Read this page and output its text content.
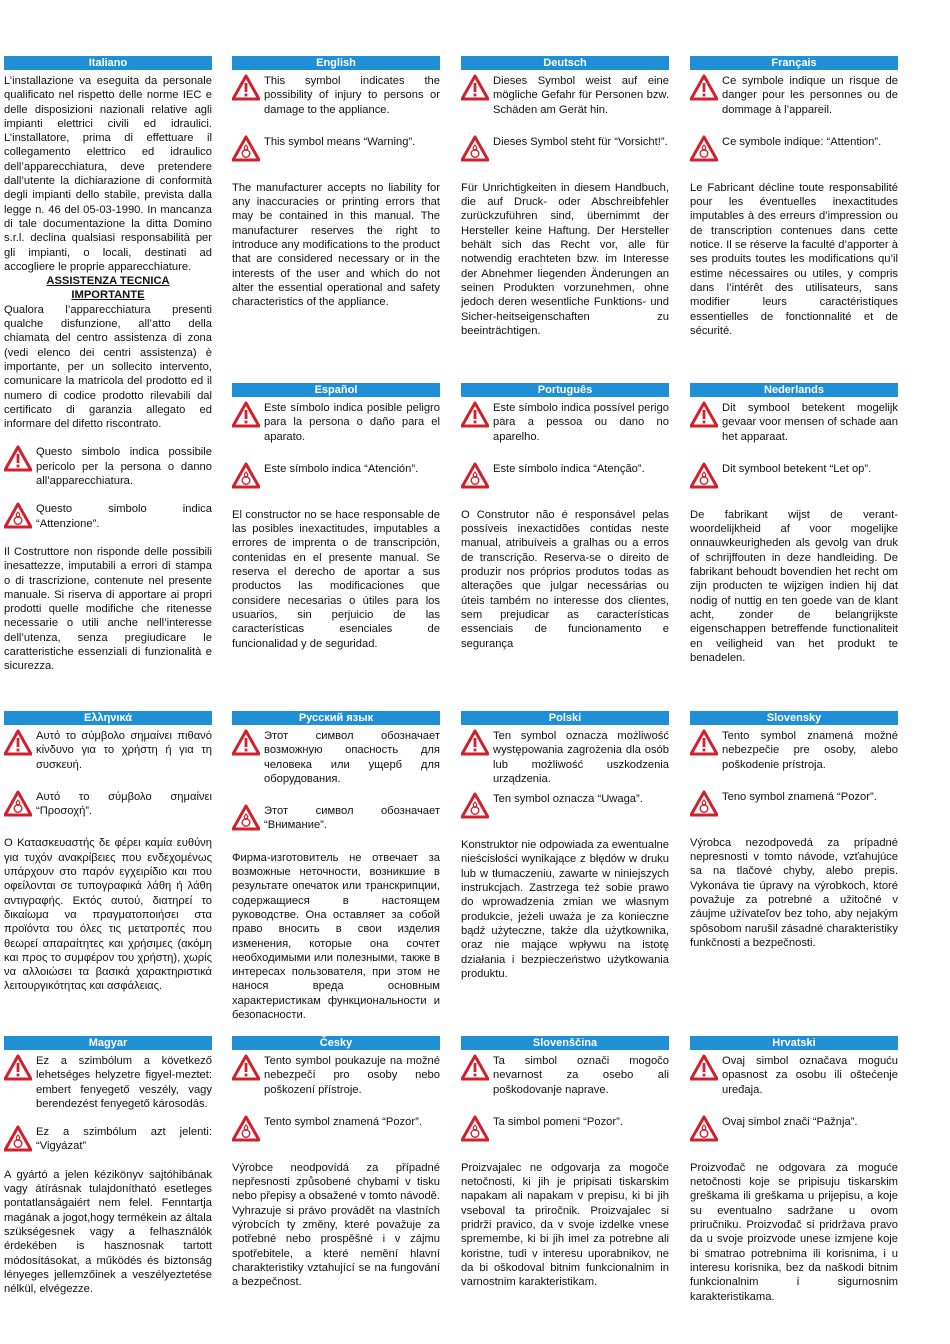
Italiano

L’installazione va eseguita da personale qualificato nel rispetto delle norme IEC e delle disposizioni nazionali relative agli impianti elettrici civili ed idraulici. L’installatore, prima di effettuare il collegamento elettrico ed idraulico dell’apparecchiatura, deve pretendere dall’utente la dichiarazione di conformità degli impianti dello stabile, prevista dalla legge n. 46 del 05-03-1990. In mancanza di tale documentazione la ditta Domino s.r.l. declina qualsiasi responsabilità per gli impianti, o locali, destinati ad accogliere le proprie apparecchiature.

ASSISTENZA TECNICA

IMPORTANTE

Qualora l’apparecchiatura presenti qualche disfunzione, all’atto della chiamata del centro assistenza di zona (vedi elenco dei centri assistenza) è importante, per un sollecito intervento, comunicare la matricola del prodotto ed il numero di codice prodotto rilevabili dal certificato di garanzia allegato ed informare del difetto riscontrato.

Questo simbolo indica possibile pericolo per la persona o danno all’apparecchiatura.
Questo simbolo indica “Attenzione”.
Il Costruttore non risponde delle possibili inesattezze, imputabili a errori di stampa o di trascrizione, contenute nel presente manuale. Si riserva di apportare ai propri prodotti quelle modifiche che ritenesse necessarie o utili anche nell’interesse dell’utenza, senza pregiudicare le caratteristiche essenziali di funzionalità e sicurezza.
English
This symbol indicates the possibility of injury to persons or damage to the appliance.
This symbol means “Warning”.
The manufacturer accepts no liability for any inaccuracies or printing errors that may be contained in this manual. The manufacturer reserves the right to introduce any modifications to the product that are considered necessary or in the interests of the user and which do not alter the essential operational and safety characteristics of the appliance.
Deutsch
Dieses Symbol weist auf eine mögliche Gefahr für Personen bzw. Schäden am Gerät hin.
Dieses Symbol steht für “Vorsicht!”.
Für Unrichtigkeiten in diesem Handbuch, die auf Druck- oder Abschreibfehler zurückzuführen sind, übernimmt der Hersteller keine Haftung. Der Hersteller behält sich das Recht vor, alle für notwendig erachteten bzw. im Interesse der Abnehmer liegenden Änderungen an seinen Produkten vorzunehmen, ohne jedoch deren wesentliche Funktions- und Sicher-heitseigenschaften zu beeinträchtigen.
Français
Ce symbole indique un risque de danger pour les personnes ou de dommage à l’appareil.
Ce symbole indique: “Attention”.
Le Fabricant décline toute responsabilité pour les éventuelles inexactitudes imputables à des erreurs d’impression ou de transcription contenues dans cette notice. Il se réserve la faculté d’apporter à ses produits toutes les modifications qu’il estime nécessaires ou utiles, y compris dans l’intérêt des utilisateurs, sans modifier leurs caractéristiques essentielles de fonctionnalité et de sécurité.
Español
Este símbolo indica posible peligro para la persona o daño para el aparato.
Este símbolo indica “Atención”.
El constructor no se hace responsable de las posibles inexactitudes, imputables a errores de imprenta o de transcripción, contenidas en el presente manual. Se reserva el derecho de aportar a sus productos las modificaciones que considere necesarias o útiles para los usuarios, sin perjuicio de las características esenciales de funcionalidad y de seguridad.
Português
Este símbolo indica possível perigo para a pessoa ou dano no aparelho.
Este símbolo indica “Atenção”.
O Construtor não é responsável pelas possíveis inexactidões contidas neste manual, atribuíveis a gralhas ou a erros de transcrição. Reserva-se o direito de produzir nos próprios produtos todas as alterações que julgar necessárias ou úteis também no interesse dos clientes, sem prejudicar as características essenciais de funcionamento e segurança
Nederlands
Dit symbool betekent mogelijk gevaar voor mensen of schade aan het apparaat.
Dit symbool betekent “Let op”.
De fabrikant wijst de verant-woordelijkheid af voor mogelijke onnauwkeurigheden als gevolg van druk of schrijffouten in deze handleiding. De fabrikant behoudt bovendien het recht om zijn producten te wijzigen indien hij dat nodig of nuttig en ten goede van de klant acht, zonder de belangrijkste eigenschappen betreffende functionaliteit en veiligheid van het produkt te benadelen.
Ελληνικά
Αυτό το σύμβολο σημαίνει πιθανό κίνδυνο για το χρήστη ή για τη συσκευή.
Αυτό το σύμβολο σημαίνει “Προσοχή”.
Ο Κατασκευαστής δε φέρει καμία ευθύνη για τυχόν ανακρίβειες που ενδεχομένως υπάρχουν στο παρόν εγχειρίδιο και που οφείλονται σε τυπογραφικά λάθη ή λάθη αντιγραφής. Εκτός αυτού, διατηρεί το δικαίωμα να πραγματοποιήσει στα προϊόντα του όλες τις μετατροπές που θεωρεί απαραίτητες και χρήσιμες (ακόμη και προς το συμφέρον του χρήστη), χωρίς να αλλοιώσει τα βασικά χαρακτηριστικά λειτουργικότητας και ασφάλειας.
Русский язык
Этот символ обозначает возможную опасность для человека или ущерб для оборудования.
Этот символ обозначает “Внимание”.
Фирма-изготовитель не отвечает за возможные неточности, возникшие в результате опечаток или транскрипции, содержащиеся в настоящем руководстве. Она оставляет за собой право вносить в свои изделия изменения, которые она сочтет необходимыми или полезными, также в интересах пользователя, при этом не нанося вреда основным характеристикам функциональности и безопасности.
Polski
Ten symbol oznacza możliwość występowania zagrożenia dla osób lub możliwość uszkodzenia urządzenia.
Ten symbol oznacza “Uwaga”.
Konstruktor nie odpowiada za ewentualne nieścisłości wynikające z błędów w druku lub w tłumaczeniu, zawarte w niniejszych instrukcjach. Zastrzega też sobie prawo do wprowadzenia zmian we własnym produkcie, jeżeli uważa je za konieczne bądź użyteczne, także dla użytkownika, oraz nie mające wpływu na istotę działania i bezpieczeństwo użytkowania produktu.
Slovensky
Tento symbol znamená možné nebezpečie pre osoby, alebo poškodenie prístroja.
Teno symbol znamená “Pozor”.
Výrobca nezodpovedá za prípadné nepresnosti v tomto návode, vzťahujúce sa na tlačové chyby, alebo prepis. Vykonáva tie úpravy na výrobkoch, ktoré považuje za potrebné a užitočné v záujme užívateľov bez toho, aby nejakým spôsobom narušil zásadné charakteristiky funkčnosti a bezpečnosti.
Magyar
Ez a szimbólum a következő lehetséges helyzetre figyel-meztet: embert fenyegető veszély, vagy berendezést fenyegető károsodás.
Ez a szimbólum azt jelenti: “Vigyázat”
A gyártó a jelen kézikönyv sajtóhibának vagy átírásnak tulajdonítható esetleges pontatlanságaiért nem felel. Fenntartja magának a jogot,hogy termékein az általa szükségesnek vagy a felhasználók érdekében is hasznosnak tartott módosításokat, a működés és biztonság lényeges jellemzőinek a veszélyeztetése nélkül, elvégezze.
Česky
Tento symbol poukazuje na možné nebezpečí pro osoby nebo poškození přístroje.
Tento symbol znamená “Pozor”.
Výrobce neodpovídá za případné nepřesnosti způsobené chybami v tisku nebo přepisy a obsažené v tomto návodě. Vyhrazuje si právo provádět na vlastních výrobcích ty změny, které považuje za potřebné nebo prospěšné i v zájmu spotřebitele, a které nemění hlavní charakteristiky vztahující se na fungování a bezpečnost.
Slovenščina
Ta simbol označi mogočo nevarnost za osebo ali poškodovanje naprave.
Ta simbol pomeni “Pozor”.
Proizvajalec ne odgovarja za mogoče netočnosti, ki jih je pripisati tiskarskim napakam ali napakam v prepisu, ki bi jih vseboval ta priročnik. Proizvajalec si pridrži pravico, da v svoje izdelke vnese spremembe, ki bi jih imel za potrebne ali koristne, tudi v interesu uporabnikov, ne da bi oškodoval bitnim funkcionalnim in varnostnim karakteristikam.
Hrvatski
Ovaj simbol označava moguću opasnost za osobu ili oštećenje uređaja.
Ovaj simbol znači “Pažnja”.
Proizvođač ne odgovara za moguće netočnosti koje se pripisuju tiskarskim greškama ili greškama u prijepisu, a koje su eventualno sadržane u ovom priručniku. Proizvođač si pridržava pravo da u svoje proizvode unese izmjene koje bi smatrao potrebnima ili korisnima, i u interesu korisnika, bez da naškodi bitnim funkcionalnim i sigurnosnim karakteristikama.
